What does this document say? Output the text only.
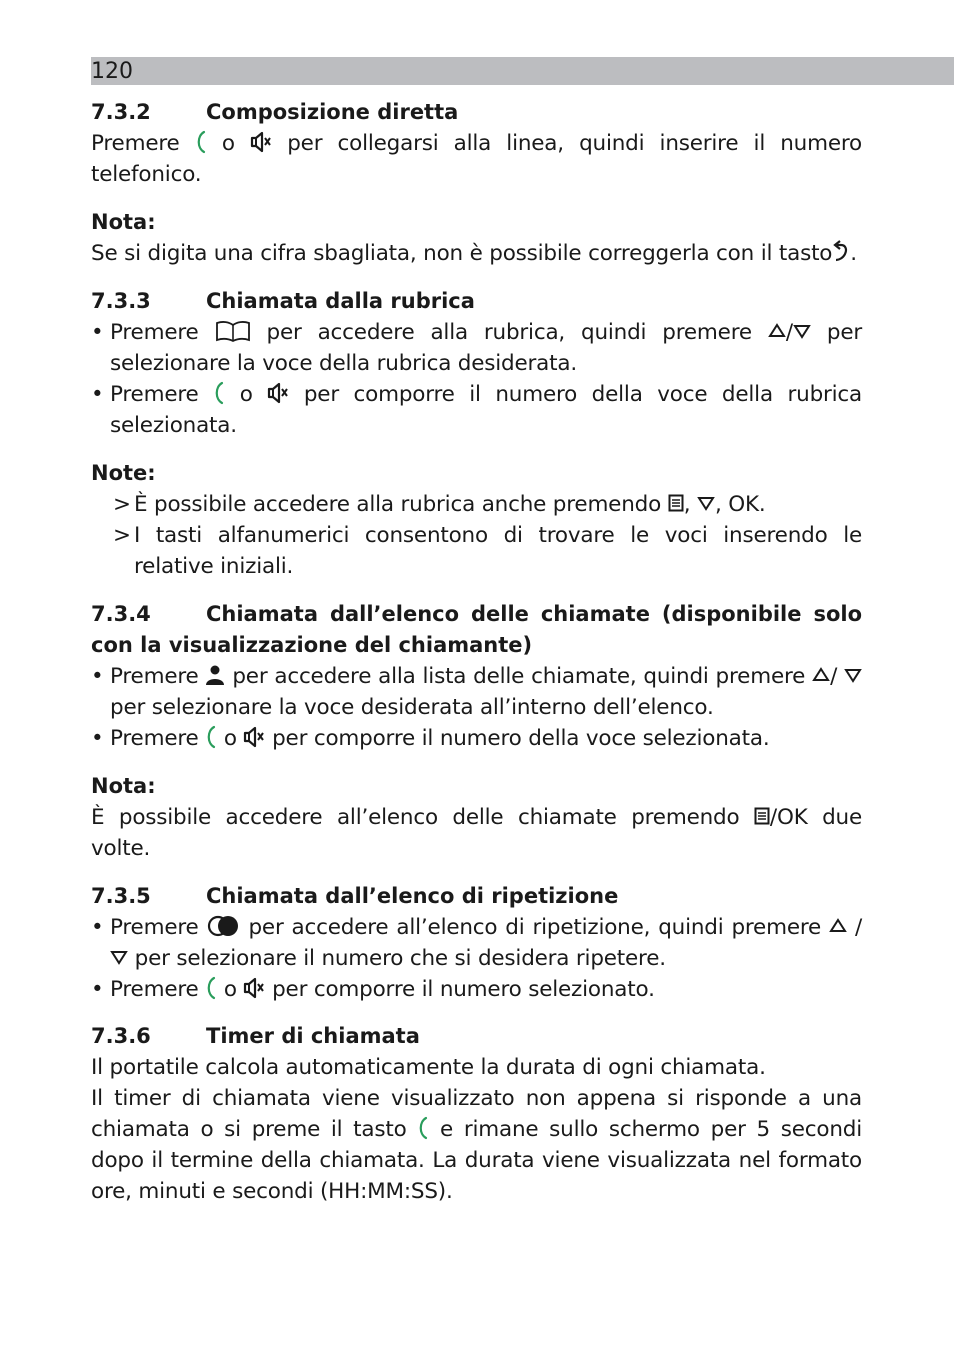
120

7.3.2	Composizione diretta

Premere o per collegarsi alla linea, quindi inserire il numero telefonico.

Nota:

Se si digita una cifra sbagliata, non è possibile correggerla con il tasto .

7.3.3	Chiamata dalla rubrica

• Premere	per accedere alla rubrica, quindi premere / per selezionare la voce della rubrica desiderata.
• Premere o per comporre il numero della voce della rubrica selezionata.

Note:

> È possibile accedere alla rubrica anche premendo , , OK.
> I tasti alfanumerici consentono di trovare le voci inserendo le relative iniziali.

7.3.4	Chiamata dall’elenco delle chiamate (disponibile solo con la visualizzazione del chiamante)

• Premere per accedere alla lista delle chiamate, quindi premere / per selezionare la voce desiderata all’interno dell’elenco.
• Premere o per comporre il numero della voce selezionata.

Nota:

È possibile accedere all’elenco delle chiamate premendo /OK due volte.

7.3.5	Chiamata dall’elenco di ripetizione

• Premere per accedere all’elenco di ripetizione, quindi premere / per selezionare il numero che si desidera ripetere.
• Premere o per comporre il numero selezionato.

7.3.6	Timer di chiamata

Il portatile calcola automaticamente la durata di ogni chiamata.

Il timer di chiamata viene visualizzato non appena si risponde a una chiamata o si preme il tasto e rimane sullo schermo per 5 secondi dopo il termine della chiamata. La durata viene visualizzata nel formato ore, minuti e secondi (HH:MM:SS).
